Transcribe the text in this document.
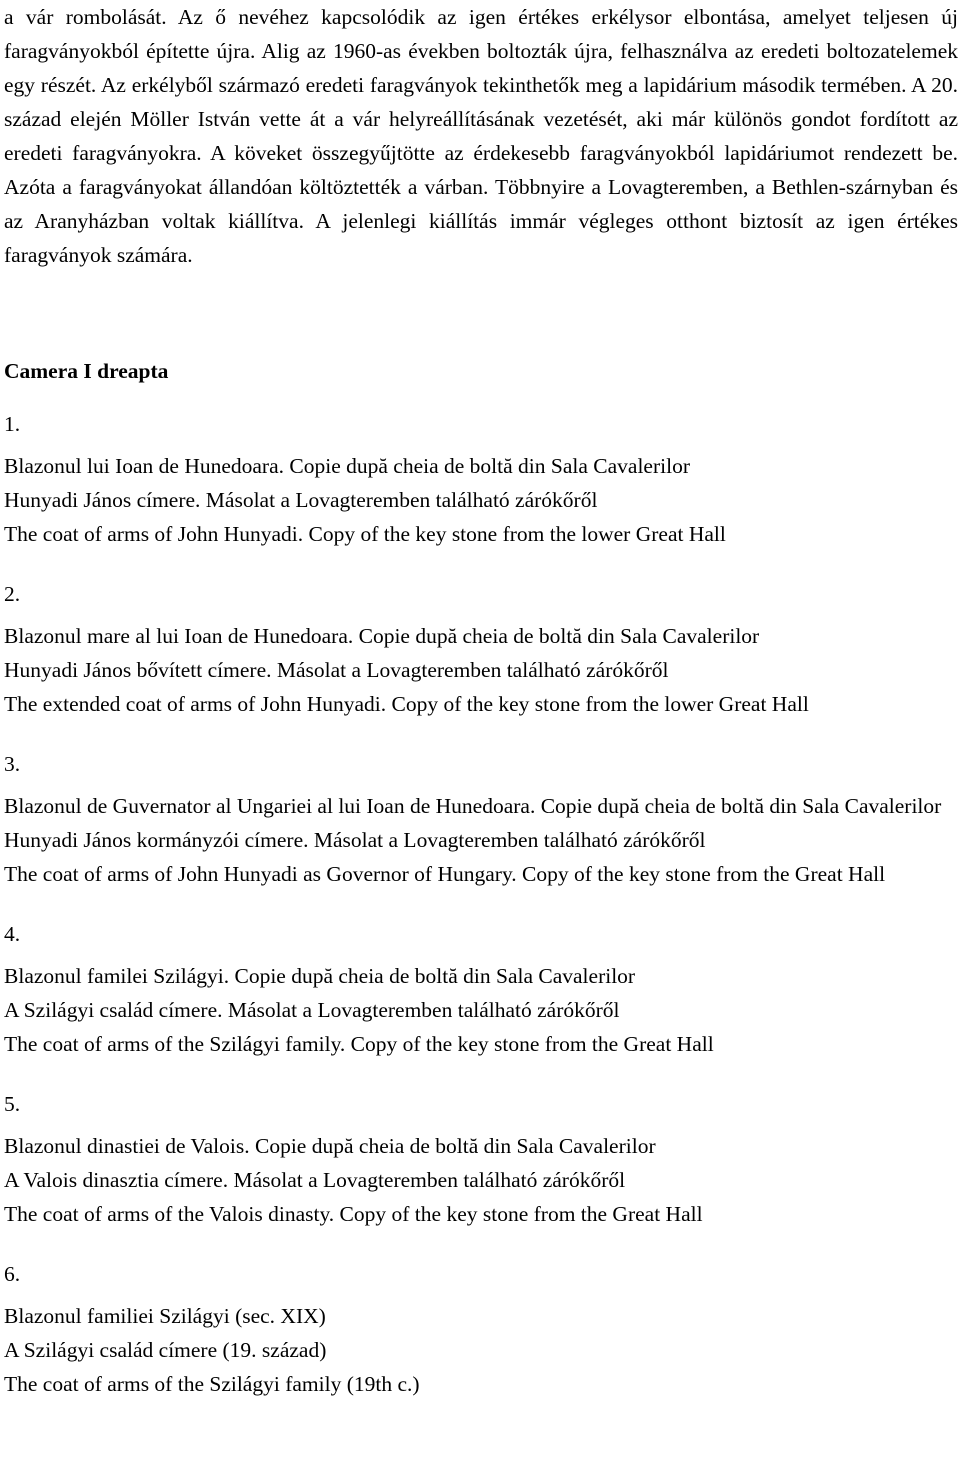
a vár rombolását. Az ő nevéhez kapcsolódik az igen értékes erkélysor elbontása, amelyet teljesen új faragványokból építette újra. Alig az 1960-as években boltozták újra, felhasználva az eredeti boltozatelemek egy részét. Az erkélyből származó eredeti faragványok tekinthetők meg a lapidárium második termében. A 20. század elején Möller István vette át a vár helyreállításának vezetését, aki már különös gondot fordított az eredeti faragványokra. A köveket összegyűjtötte az érdekesebb faragványokból lapidáriumot rendezett be. Azóta a faragványokat állandóan költöztették a várban. Többnyire a Lovagteremben, a Bethlen-szárnyban és az Aranyházban voltak kiállítva. A jelenlegi kiállítás immár végleges otthont biztosít az igen értékes faragványok számára.

Camera I dreapta

1.

Blazonul lui Ioan de Hunedoara. Copie după cheia de boltă din Sala Cavalerilor

Hunyadi János címere. Másolat a Lovagteremben található zárókőről

The coat of arms of John Hunyadi. Copy of the key stone from the lower Great Hall

2.

Blazonul mare al lui Ioan de Hunedoara. Copie după cheia de boltă din Sala Cavalerilor

Hunyadi János bővített címere. Másolat a Lovagteremben található zárókőről

The extended coat of arms of John Hunyadi. Copy of the key stone from the lower Great Hall

3.

Blazonul de Guvernator al Ungariei al lui Ioan de Hunedoara. Copie după cheia de boltă din Sala Cavalerilor

Hunyadi János kormányzói címere. Másolat a Lovagteremben található zárókőről

The coat of arms of John Hunyadi as Governor of Hungary. Copy of the key stone from the Great Hall

4.

Blazonul familei Szilágyi. Copie după cheia de boltă din Sala Cavalerilor

A Szilágyi család címere. Másolat a Lovagteremben található zárókőről

The coat of arms of the Szilágyi family. Copy of the key stone from the Great Hall

5.

Blazonul dinastiei de Valois. Copie după cheia de boltă din Sala Cavalerilor

A Valois dinasztia címere. Másolat a Lovagteremben található zárókőről

The coat of arms of the Valois dinasty. Copy of the key stone from the Great Hall

6.

Blazonul familiei Szilágyi (sec. XIX)

A Szilágyi család címere (19. század)

The coat of arms of the Szilágyi family (19th c.)
